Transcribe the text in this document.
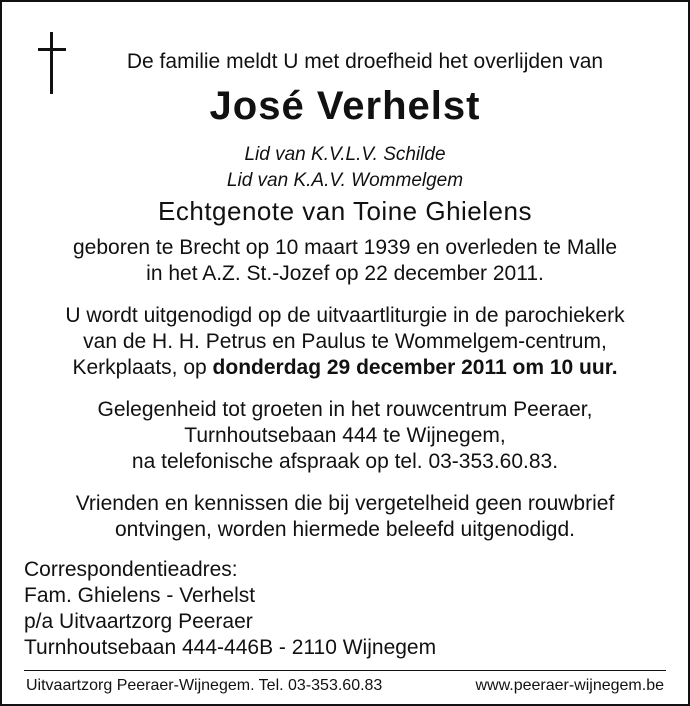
De familie meldt U met droefheid het overlijden van
José Verhelst
Lid van K.V.L.V. Schilde
Lid van K.A.V. Wommelgem
Echtgenote van Toine Ghielens
geboren te Brecht op 10 maart 1939 en overleden te Malle
in het A.Z. St.-Jozef op 22 december 2011.
U wordt uitgenodigd op de uitvaartliturgie in de parochiekerk
van de H. H. Petrus en Paulus te Wommelgem-centrum,
Kerkplaats, op donderdag 29 december 2011 om 10 uur.
Gelegenheid tot groeten in het rouwcentrum Peeraer,
Turnhoutsebaan 444 te Wijnegem,
na telefonische afspraak op tel. 03-353.60.83.
Vrienden en kennissen die bij vergetelheid geen rouwbrief
ontvingen, worden hiermede beleefd uitgenodigd.
Correspondentieadres:
Fam. Ghielens - Verhelst
p/a Uitvaartzorg Peeraer
Turnhoutsebaan 444-446B - 2110 Wijnegem
Uitvaartzorg Peeraer-Wijnegem. Tel. 03-353.60.83	www.peeraer-wijnegem.be
